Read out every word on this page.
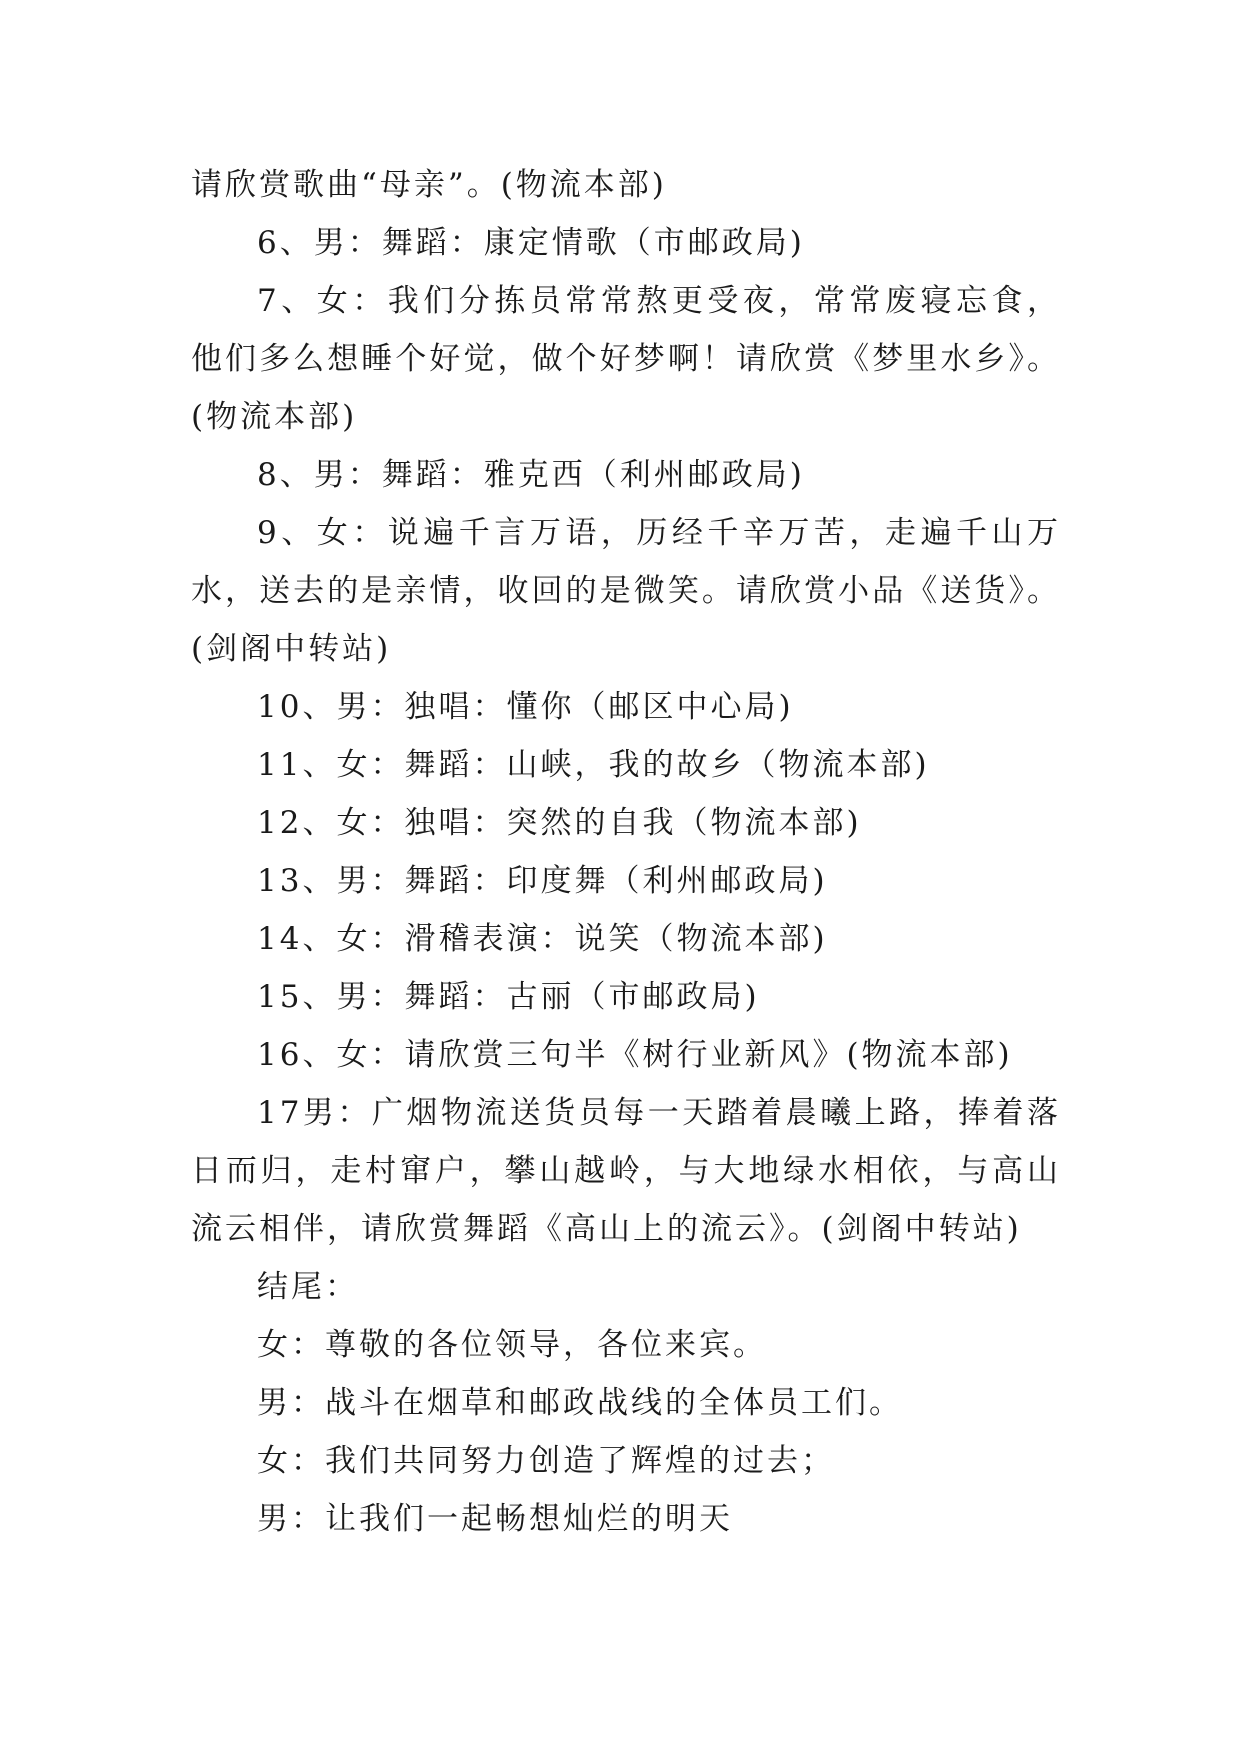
请欣赏歌曲“母亲”。(物流本部)

6、男：舞蹈：康定情歌（市邮政局)

7、女：我们分拣员常常熬更受夜，常常废寝忘食，他们多么想睡个好觉，做个好梦啊！请欣赏《梦里水乡》。(物流本部)

8、男：舞蹈：雅克西（利州邮政局)

9、女：说遍千言万语，历经千辛万苦，走遍千山万水，送去的是亲情，收回的是微笑。请欣赏小品《送货》。(剑阁中转站)

10、男：独唱：懂你（邮区中心局)

11、女：舞蹈：山峡，我的故乡（物流本部)

12、女：独唱：突然的自我（物流本部)

13、男：舞蹈：印度舞（利州邮政局)

14、女：滑稽表演：说笑（物流本部)

15、男：舞蹈：古丽（市邮政局)

16、女：请欣赏三句半《树行业新风》(物流本部)

17男：广烟物流送货员每一天踏着晨曦上路，捧着落日而归，走村窜户，攀山越岭，与大地绿水相依，与高山流云相伴，请欣赏舞蹈《高山上的流云》。(剑阁中转站)

结尾：

女：尊敬的各位领导，各位来宾。

男：战斗在烟草和邮政战线的全体员工们。

女：我们共同努力创造了辉煌的过去；

男：让我们一起畅想灿烂的明天
